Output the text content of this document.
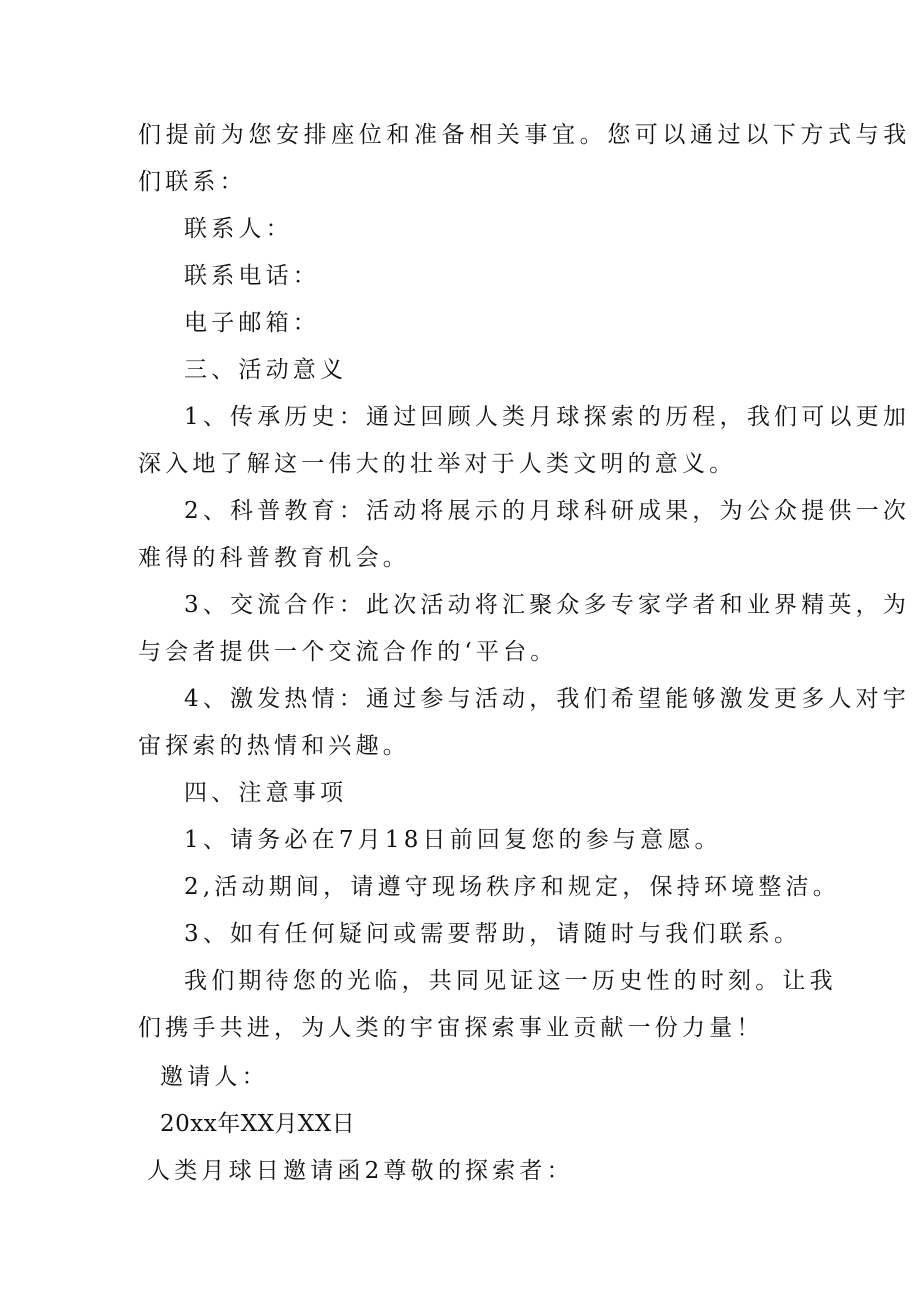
们提前为您安排座位和准备相关事宜。您可以通过以下方式与我
们联系：
联系人：
联系电话：
电子邮箱：
三、活动意义
1、传承历史：通过回顾人类月球探索的历程，我们可以更加
深入地了解这一伟大的壮举对于人类文明的意义。
2、科普教育：活动将展示的月球科研成果，为公众提供一次
难得的科普教育机会。
3、交流合作：此次活动将汇聚众多专家学者和业界精英，为
与会者提供一个交流合作的‘平台。
4、激发热情：通过参与活动，我们希望能够激发更多人对宇
宙探索的热情和兴趣。
四、注意事项
1、请务必在7月18日前回复您的参与意愿。
2,活动期间，请遵守现场秩序和规定，保持环境整洁。
3、如有任何疑问或需要帮助，请随时与我们联系。
我们期待您的光临，共同见证这一历史性的时刻。让我
们携手共进，为人类的宇宙探索事业贡献一份力量！
邀请人：
20xx年XX月XX日
人类月球日邀请函2尊敬的探索者：
